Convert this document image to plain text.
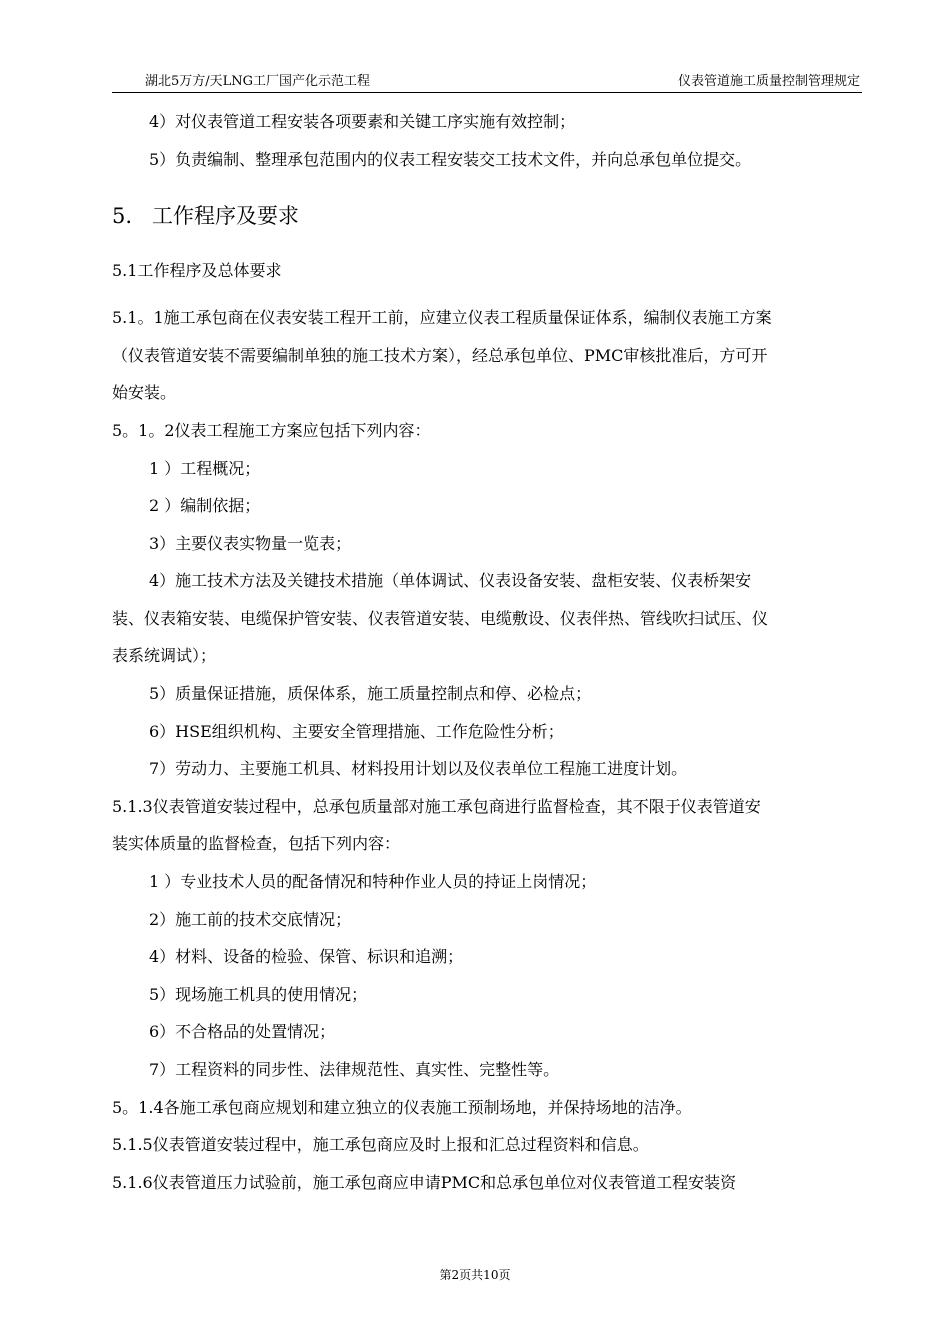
湖北5万方/天LNG工厂国产化示范工程	仪表管道施工质量控制管理规定
4）对仪表管道工程安装各项要素和关键工序实施有效控制；
5）负责编制、整理承包范围内的仪表工程安装交工技术文件，并向总承包单位提交。
5. 工作程序及要求
5.1工作程序及总体要求
5.1。1施工承包商在仪表安装工程开工前，应建立仪表工程质量保证体系，编制仪表施工方案
（仪表管道安装不需要编制单独的施工技术方案），经总承包单位、PMC审核批准后，方可开
始安装。
5。1。2仪表工程施工方案应包括下列内容：
1 ）工程概况；
2 ）编制依据；
3）主要仪表实物量一览表；
4）施工技术方法及关键技术措施（单体调试、仪表设备安装、盘柜安装、仪表桥架安
装、仪表箱安装、电缆保护管安装、仪表管道安装、电缆敷设、仪表伴热、管线吹扫试压、仪
表系统调试）；
5）质量保证措施，质保体系，施工质量控制点和停、必检点；
6）HSE组织机构、主要安全管理措施、工作危险性分析；
7）劳动力、主要施工机具、材料投用计划以及仪表单位工程施工进度计划。
5.1.3仪表管道安装过程中，总承包质量部对施工承包商进行监督检查，其不限于仪表管道安
装实体质量的监督检查，包括下列内容：
1 ）专业技术人员的配备情况和特种作业人员的持证上岗情况；
2）施工前的技术交底情况；
4）材料、设备的检验、保管、标识和追溯；
5）现场施工机具的使用情况；
6）不合格品的处置情况；
7）工程资料的同步性、法律规范性、真实性、完整性等。
5。1.4各施工承包商应规划和建立独立的仪表施工预制场地，并保持场地的洁净。
5.1.5仪表管道安装过程中，施工承包商应及时上报和汇总过程资料和信息。
5.1.6仪表管道压力试验前，施工承包商应申请PMC和总承包单位对仪表管道工程安装资
第2页共10页
